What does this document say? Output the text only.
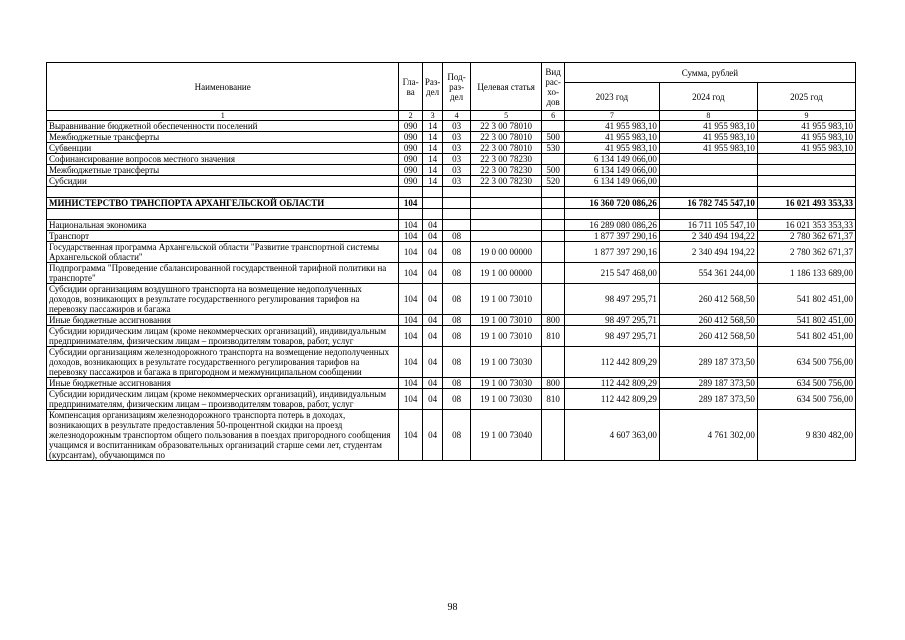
Наименование	Гла-ва	Раз-дел	Под-раз-дел	Целевая статья	Вид рас-хо-дов	Сумма, рублей		
						2023 год	2024 год	2025 год
1	2	3	4	5	6	7	8	9
Выравнивание бюджетной обеспеченности поселений	090	14	03	22 3 00 78010		41 955 983,10	41 955 983,10	41 955 983,10
Межбюджетные трансферты	090	14	03	22 3 00 78010	500	41 955 983,10	41 955 983,10	41 955 983,10
Субвенции	090	14	03	22 3 00 78010	530	41 955 983,10	41 955 983,10	41 955 983,10
Софинансирование вопросов местного значения	090	14	03	22 3 00 78230		6 134 149 066,00		
Межбюджетные трансферты	090	14	03	22 3 00 78230	500	6 134 149 066,00		
Субсидии	090	14	03	22 3 00 78230	520	6 134 149 066,00		

МИНИСТЕРСТВО ТРАНСПОРТА АРХАНГЕЛЬСКОЙ ОБЛАСТИ	104					16 360 720 086,26	16 782 745 547,10	16 021 493 353,33

Национальная экономика	104	04				16 289 080 086,26	16 711 105 547,10	16 021 353 353,33
Транспорт	104	04	08			1 877 397 290,16	2 340 494 194,22	2 780 362 671,37
Государственная программа Архангельской области "Развитие транспортной системы Архангельской области"	104	04	08	19 0 00 00000		1 877 397 290,16	2 340 494 194,22	2 780 362 671,37
Подпрограмма "Проведение сбалансированной государственной тарифной политики на транспорте"	104	04	08	19 1 00 00000		215 547 468,00	554 361 244,00	1 186 133 689,00
Субсидии организациям воздушного транспорта на возмещение недополученных доходов, возникающих в результате государственного регулирования тарифов на перевозку пассажиров и багажа	104	04	08	19 1 00 73010		98 497 295,71	260 412 568,50	541 802 451,00
Иные бюджетные ассигнования	104	04	08	19 1 00 73010	800	98 497 295,71	260 412 568,50	541 802 451,00
Субсидии юридическим лицам (кроме некоммерческих организаций), индивидуальным предпринимателям, физическим лицам – производителям товаров, работ, услуг	104	04	08	19 1 00 73010	810	98 497 295,71	260 412 568,50	541 802 451,00
Субсидии организациям железнодорожного транспорта на возмещение недополученных доходов, возникающих в результате государственного регулирования тарифов на перевозку пассажиров и багажа в пригородном и межмуниципальном сообщении	104	04	08	19 1 00 73030		112 442 809,29	289 187 373,50	634 500 756,00
Иные бюджетные ассигнования	104	04	08	19 1 00 73030	800	112 442 809,29	289 187 373,50	634 500 756,00
Субсидии юридическим лицам (кроме некоммерческих организаций), индивидуальным предпринимателям, физическим лицам – производителям товаров, работ, услуг	104	04	08	19 1 00 73030	810	112 442 809,29	289 187 373,50	634 500 756,00
Компенсация организациям железнодорожного транспорта потерь в доходах, возникающих в результате предоставления 50-процентной скидки на проезд железнодорожным транспортом общего пользования в поездах пригородного сообщения учащимся и воспитанникам образовательных организаций старше семи лет, студентам (курсантам), обучающимся по	104	04	08	19 1 00 73040		4 607 363,00	4 761 302,00	9 830 482,00
98
